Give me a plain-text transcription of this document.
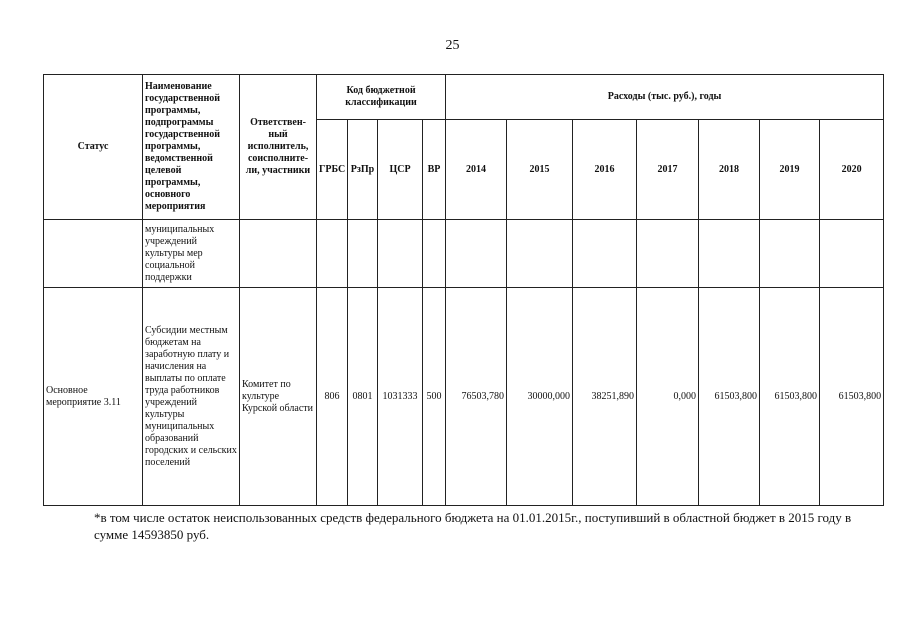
25
Статус	Наименование государственной программы, подпрограммы государственной программы, ведомственной целевой программы, основного мероприятия	Ответствен-ный исполнитель, соисполните-ли, участники	Код бюджетной классификации				Расходы (тыс. руб.), годы						
			ГРБС	РзПр	ЦСР	ВР	2014	2015	2016	2017	2018	2019	2020
	муниципальных учреждений культуры мер социальной поддержки												
Основное мероприятие 3.11	Субсидии местным бюджетам на заработную плату и начисления на выплаты по оплате труда работников учреждений культуры муниципальных образований городских и сельских поселений	Комитет по культуре Курской области	806	0801	1031333	500	76503,780	30000,000	38251,890	0,000	61503,800	61503,800	61503,800
*в том числе остаток неиспользованных средств федерального бюджета на 01.01.2015г., поступивший в областной бюджет в 2015 году в сумме 14593850 руб.
